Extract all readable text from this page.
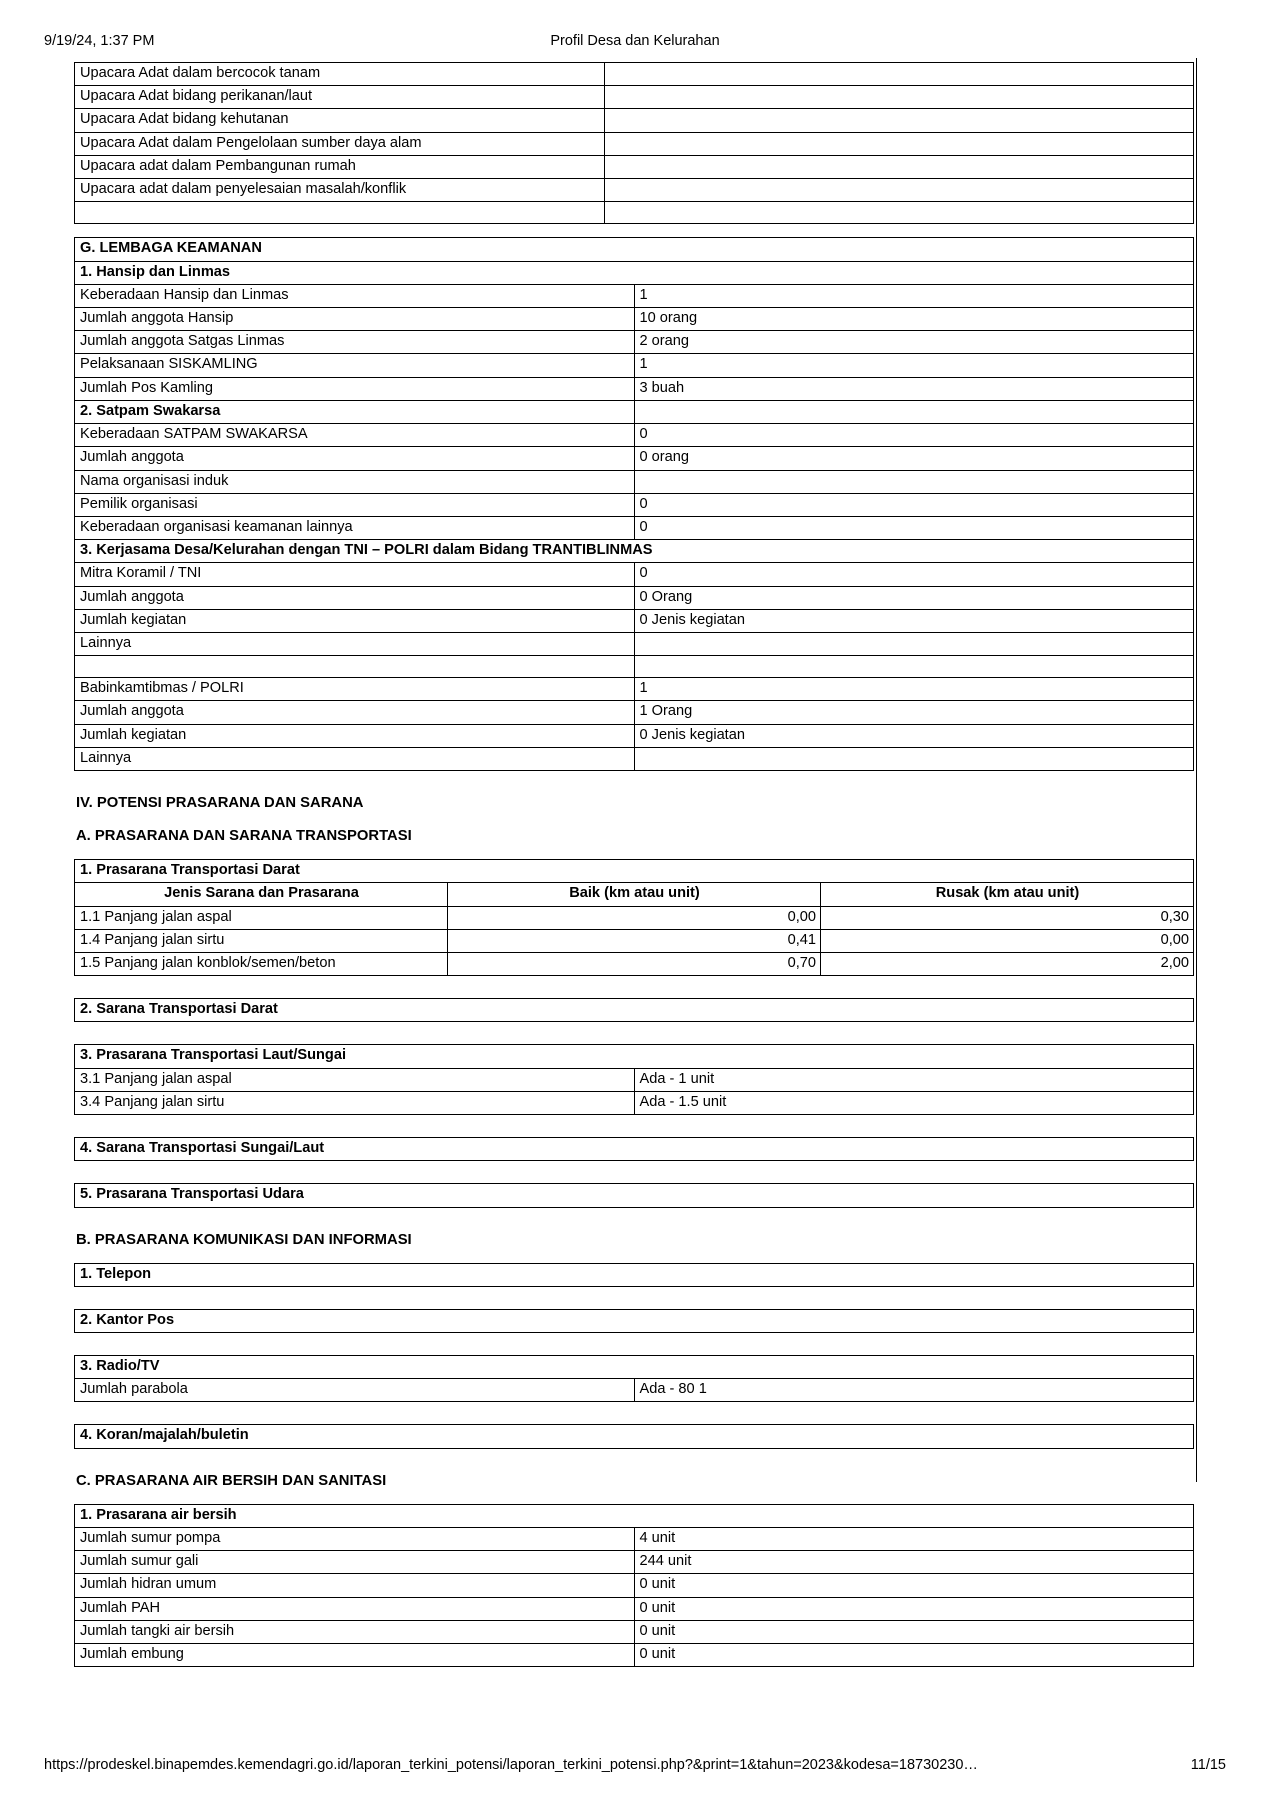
9/19/24, 1:37 PM	Profil Desa dan Kelurahan
Upacara Adat dalam bercocok tanam	
Upacara Adat bidang perikanan/laut	
Upacara Adat bidang kehutanan	
Upacara Adat dalam Pengelolaan sumber daya alam	
Upacara adat dalam Pembangunan rumah	
Upacara adat dalam penyelesaian masalah/konflik	

G. LEMBAGA KEAMANAN	
1. Hansip dan Linmas	
Keberadaan Hansip dan Linmas	1
Jumlah anggota Hansip	10 orang
Jumlah anggota Satgas Linmas	2 orang
Pelaksanaan SISKAMLING	1
Jumlah Pos Kamling	3 buah
2. Satpam Swakarsa	
Keberadaan SATPAM SWAKARSA	0
Jumlah anggota	0 orang
Nama organisasi induk	
Pemilik organisasi	0
Keberadaan organisasi keamanan lainnya	0
3. Kerjasama Desa/Kelurahan dengan TNI – POLRI dalam Bidang TRANTIBLINMAS	
Mitra Koramil / TNI	0
Jumlah anggota	0 Orang
Jumlah kegiatan	0 Jenis kegiatan
Lainnya	

Babinkamtibmas / POLRI	1
Jumlah anggota	1 Orang
Jumlah kegiatan	0 Jenis kegiatan
Lainnya	
IV. POTENSI PRASARANA DAN SARANA
A. PRASARANA DAN SARANA TRANSPORTASI
1. Prasarana Transportasi Darat		
Jenis Sarana dan Prasarana	Baik (km atau unit)	Rusak (km atau unit)
1.1 Panjang jalan aspal	0,00	0,30
1.4 Panjang jalan sirtu	0,41	0,00
1.5 Panjang jalan konblok/semen/beton	0,70	2,00
2. Sarana Transportasi Darat
3. Prasarana Transportasi Laut/Sungai	
3.1 Panjang jalan aspal	Ada - 1 unit
3.4 Panjang jalan sirtu	Ada - 1.5 unit
4. Sarana Transportasi Sungai/Laut
5. Prasarana Transportasi Udara
B. PRASARANA KOMUNIKASI DAN INFORMASI
1. Telepon
2. Kantor Pos
3. Radio/TV
Jumlah parabola	Ada - 80 1
4. Koran/majalah/buletin
C. PRASARANA AIR BERSIH DAN SANITASI
1. Prasarana air bersih	
Jumlah sumur pompa	4 unit
Jumlah sumur gali	244 unit
Jumlah hidran umum	0 unit
Jumlah PAH	0 unit
Jumlah tangki air bersih	0 unit
Jumlah embung	0 unit
https://prodeskel.binapemdes.kemendagri.go.id/laporan_terkini_potensi/laporan_terkini_potensi.php?&print=1&tahun=2023&kodesa=18730230…	11/15
